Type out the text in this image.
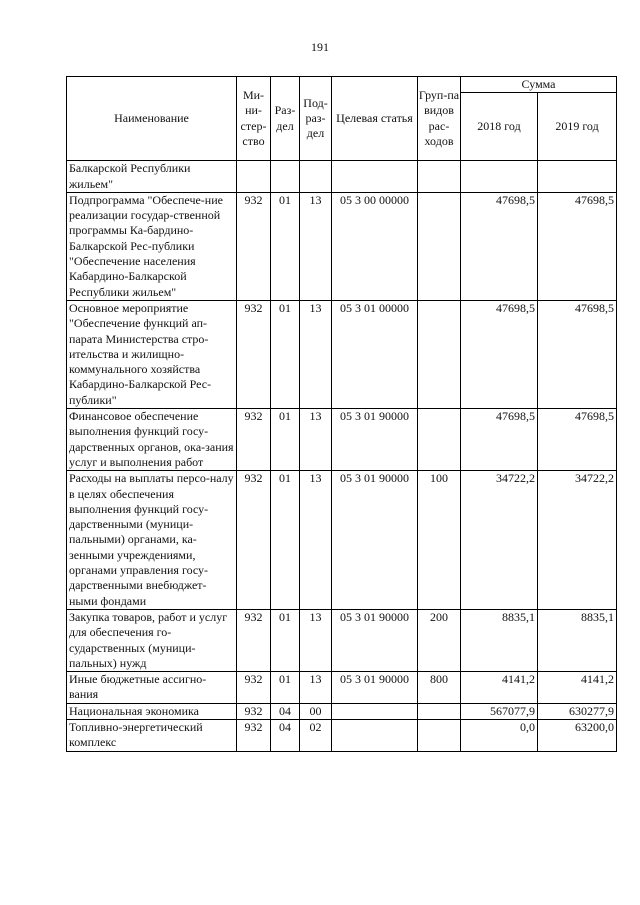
191
Наименование	Ми-ни-стер-ство	Раз-дел	Под-раз-дел	Целевая статья	Груп-па видов рас-ходов	Сумма	
						2018 год	2019 год
Балкарской Республики жильем"							
Подпрограмма "Обеспече-ние реализации государ-ственной программы Ка-бардино-Балкарской Рес-публики "Обеспечение населения Кабардино-Балкарской Республики жильем"	932	01	13	05 3 00 00000		47698,5	47698,5
Основное мероприятие "Обеспечение функций ап-парата Министерства стро-ительства и жилищно-коммунального хозяйства Кабардино-Балкарской Рес-публики"	932	01	13	05 3 01 00000		47698,5	47698,5
Финансовое обеспечение выполнения функций госу-дарственных органов, ока-зания услуг и выполнения работ	932	01	13	05 3 01 90000		47698,5	47698,5
Расходы на выплаты персо-налу в целях обеспечения выполнения функций госу-дарственными (муници-пальными) органами, ка-зенными учреждениями, органами управления госу-дарственными внебюджет-ными фондами	932	01	13	05 3 01 90000	100	34722,2	34722,2
Закупка товаров, работ и услуг для обеспечения го-сударственных (муници-пальных) нужд	932	01	13	05 3 01 90000	200	8835,1	8835,1
Иные бюджетные ассигно-вания	932	01	13	05 3 01 90000	800	4141,2	4141,2
Национальная экономика	932	04	00			567077,9	630277,9
Топливно-энергетический комплекс	932	04	02			0,0	63200,0
